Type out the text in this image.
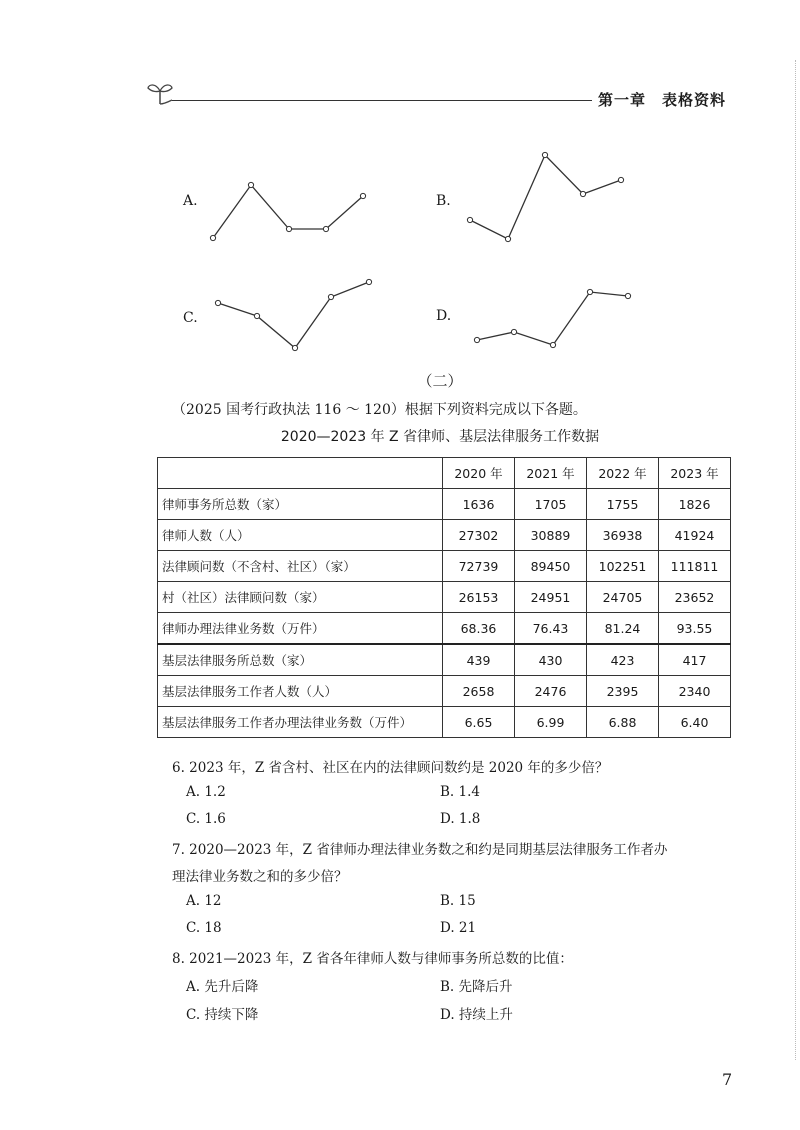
第一章　表格资料
A.	B.
C.	D.
（二）
（2025 国考行政执法 116 ～ 120）根据下列资料完成以下各题。
2020—2023 年 Z 省律师、基层法律服务工作数据
	2020 年	2021 年	2022 年	2023 年
律师事务所总数（家）	1636	1705	1755	1826
律师人数（人）	27302	30889	36938	41924
法律顾问数（不含村、社区）（家）	72739	89450	102251	111811
村（社区）法律顾问数（家）	26153	24951	24705	23652
律师办理法律业务数（万件）	68.36	76.43	81.24	93.55
基层法律服务所总数（家）	439	430	423	417
基层法律服务工作者人数（人）	2658	2476	2395	2340
基层法律服务工作者办理法律业务数（万件）	6.65	6.99	6.88	6.40
6. 2023 年，Z 省含村、社区在内的法律顾问数约是 2020 年的多少倍？
A. 1.2	B. 1.4
C. 1.6	D. 1.8
7. 2020—2023 年，Z 省律师办理法律业务数之和约是同期基层法律服务工作者办
理法律业务数之和的多少倍？
A. 12	B. 15
C. 18	D. 21
8. 2021—2023 年，Z 省各年律师人数与律师事务所总数的比值：
A. 先升后降	B. 先降后升
C. 持续下降	D. 持续上升
7
